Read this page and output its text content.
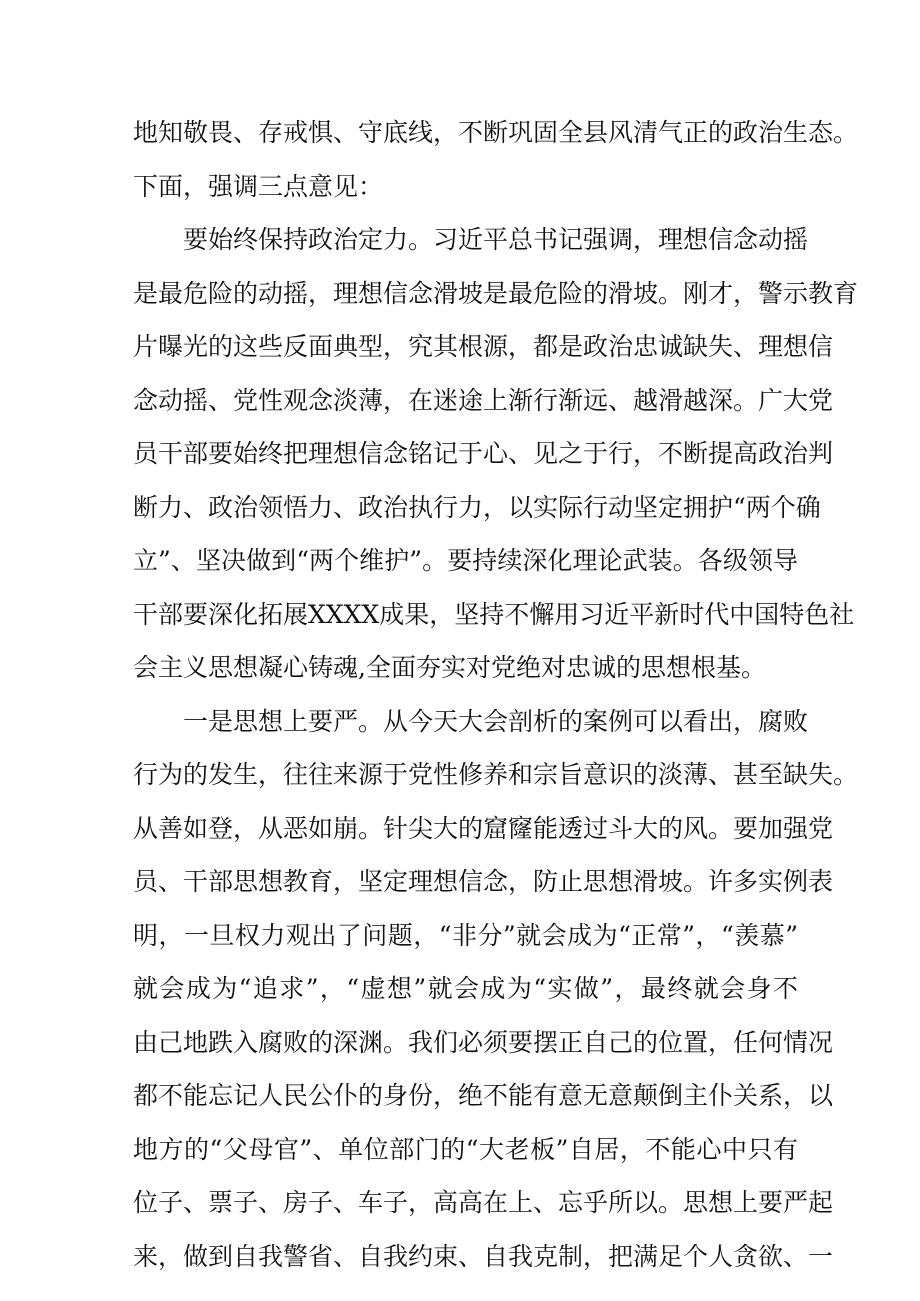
地知敬畏、存戒惧、守底线，不断巩固全县风清气正的政治生态。
下面，强调三点意见：

要始终保持政治定力。习近平总书记强调，理想信念动摇
是最危险的动摇，理想信念滑坡是最危险的滑坡。刚才，警示教育
片曝光的这些反面典型，究其根源，都是政治忠诚缺失、理想信
念动摇、党性观念淡薄，在迷途上渐行渐远、越滑越深。广大党
员干部要始终把理想信念铭记于心、见之于行，不断提高政治判
断力、政治领悟力、政治执行力，以实际行动坚定拥护“两个确
立”、坚决做到“两个维护”。要持续深化理论武装。各级领导
干部要深化拓展XXXX成果，坚持不懈用习近平新时代中国特色社
会主义思想凝心铸魂,全面夯实对党绝对忠诚的思想根基。

一是思想上要严。从今天大会剖析的案例可以看出，腐败
行为的发生，往往来源于党性修养和宗旨意识的淡薄、甚至缺失。
从善如登，从恶如崩。针尖大的窟窿能透过斗大的风。要加强党
员、干部思想教育，坚定理想信念，防止思想滑坡。许多实例表
明，一旦权力观出了问题，“非分”就会成为“正常”，“羡慕”
就会成为“追求”，“虚想”就会成为“实做”，最终就会身不
由己地跌入腐败的深渊。我们必须要摆正自己的位置，任何情况
都不能忘记人民公仆的身份，绝不能有意无意颠倒主仆关系，以
地方的“父母官”、单位部门的“大老板”自居，不能心中只有
位子、票子、房子、车子，高高在上、忘乎所以。思想上要严起
来，做到自我警省、自我约束、自我克制，把满足个人贪欲、一
